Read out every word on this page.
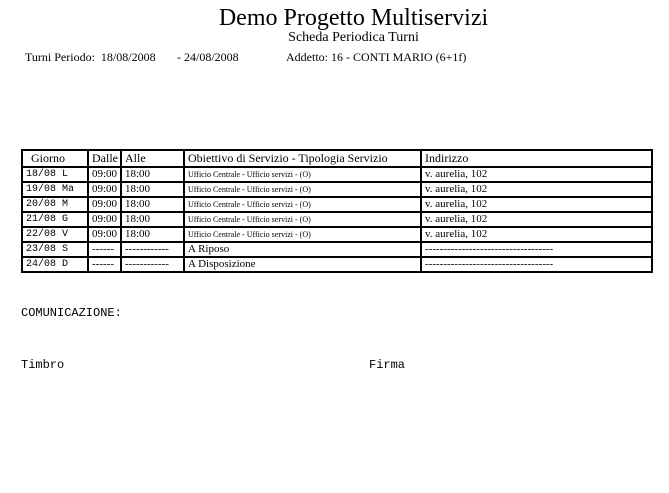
Demo Progetto Multiservizi
Scheda Periodica Turni
Turni Periodo:  18/08/2008 - 24/08/2008	Addetto: 16 - CONTI MARIO (6+1f)
Giorno	Dalle	Alle	Obiettivo di Servizio - Tipologia Servizio	Indirizzo
18/08 L	09:00	18:00	Ufficio Centrale - Ufficio servizi - (O)	v. aurelia, 102
19/08 Ma	09:00	18:00	Ufficio Centrale - Ufficio servizi - (O)	v. aurelia, 102
20/08 M	09:00	18:00	Ufficio Centrale - Ufficio servizi - (O)	v. aurelia, 102
21/08 G	09:00	18:00	Ufficio Centrale - Ufficio servizi - (O)	v. aurelia, 102
22/08 V	09:00	18:00	Ufficio Centrale - Ufficio servizi - (O)	v. aurelia, 102
23/08 S	------	------------	A Riposo	-----------------------------------
24/08 D	------	------------	A Disposizione	-----------------------------------
COMUNICAZIONE:
Timbro	Firma
